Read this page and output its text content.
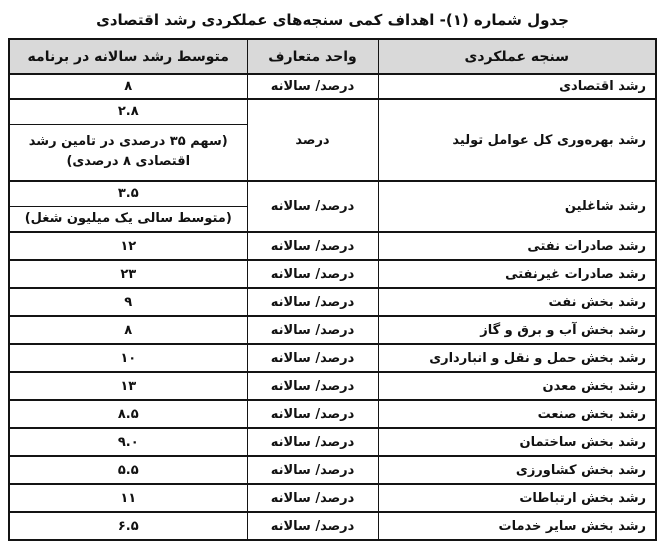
جدول شماره (۱)- اهداف کمی سنجه‌های عملکردی رشد اقتصادی
سنجه عملکردی	واحد متعارف	متوسط رشد سالانه در برنامه
رشد اقتصادی	درصد/ سالانه	۸
رشد بهره‌وری کل عوامل تولید	درصد	۲.۸
		(سهم ۳۵ درصدی در تامین رشد اقتصادی ۸ درصدی)
رشد شاغلین	درصد/ سالانه	۳.۵
		(متوسط سالی یک میلیون شغل)
رشد صادرات نفتی	درصد/ سالانه	۱۲
رشد صادرات غیرنفتی	درصد/ سالانه	۲۳
رشد بخش نفت	درصد/ سالانه	۹
رشد بخش آب و برق و گاز	درصد/ سالانه	۸
رشد بخش حمل و نقل و انبارداری	درصد/ سالانه	۱۰
رشد بخش معدن	درصد/ سالانه	۱۳
رشد بخش صنعت	درصد/ سالانه	۸.۵
رشد بخش ساختمان	درصد/ سالانه	۹.۰
رشد بخش کشاورزی	درصد/ سالانه	۵.۵
رشد بخش ارتباطات	درصد/ سالانه	۱۱
رشد بخش سایر خدمات	درصد/ سالانه	۶.۵
